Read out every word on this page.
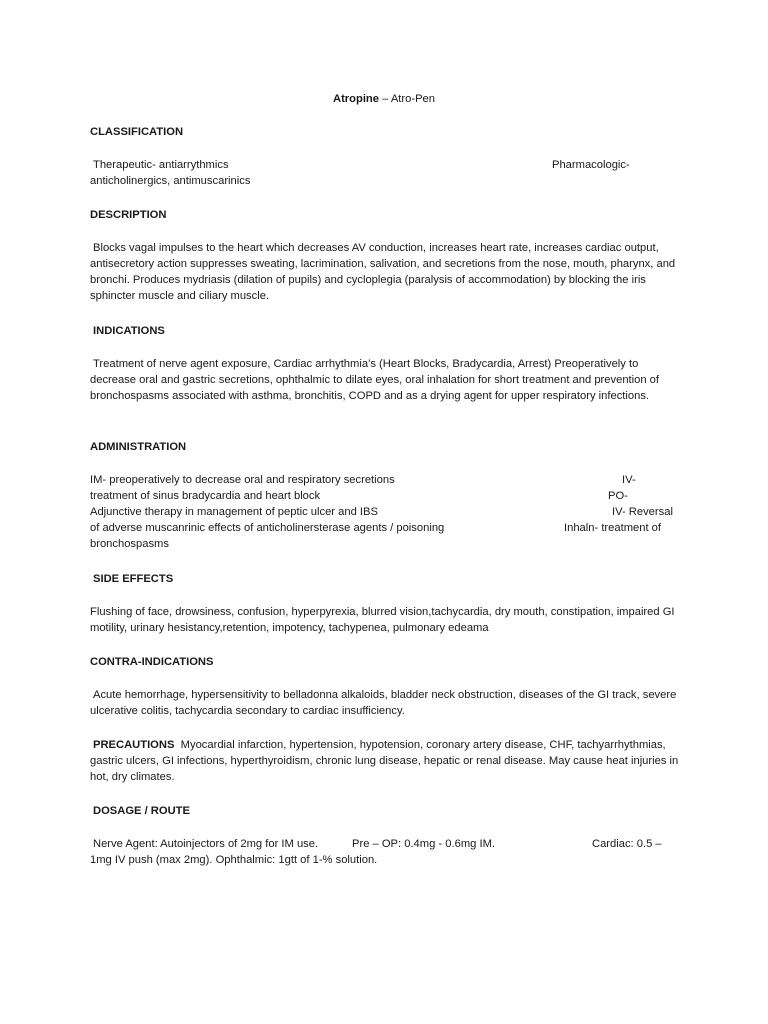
Atropine – Atro-Pen
CLASSIFICATION
Therapeutic- antiarrythmics	Pharmacologic-
anticholinergics, antimuscarinics
DESCRIPTION
Blocks vagal impulses to the heart which decreases AV conduction, increases heart rate, increases cardiac output, antisecretory action suppresses sweating, lacrimination, salivation, and secretions from the nose, mouth, pharynx, and bronchi. Produces mydriasis (dilation of pupils) and cycloplegia (paralysis of accommodation) by blocking the iris sphincter muscle and ciliary muscle.
INDICATIONS
Treatment of nerve agent exposure, Cardiac arrhythmia’s (Heart Blocks, Bradycardia, Arrest) Preoperatively to decrease oral and gastric secretions, ophthalmic to dilate eyes, oral inhalation for short treatment and prevention of bronchospasms associated with asthma, bronchitis, COPD and as a drying agent for upper respiratory infections.
ADMINISTRATION
IM- preoperatively to decrease oral and respiratory secretions	IV-
treatment of sinus bradycardia and heart block	PO-
Adjunctive therapy in management of peptic ulcer and IBS	IV- Reversal
of adverse muscanrinic effects of anticholinersterase agents / poisoning	Inhaln- treatment of
bronchospasms
SIDE EFFECTS
Flushing of face, drowsiness, confusion, hyperpyrexia, blurred vision,tachycardia, dry mouth, constipation, impaired GI motility, urinary hesistancy,retention, impotency, tachypenea, pulmonary edeama
CONTRA-INDICATIONS
Acute hemorrhage, hypersensitivity to belladonna alkaloids, bladder neck obstruction, diseases of the GI track, severe ulcerative colitis, tachycardia secondary to cardiac insufficiency.
PRECAUTIONS Myocardial infarction, hypertension, hypotension, coronary artery disease, CHF, tachyarrhythmias, gastric ulcers, GI infections, hyperthyroidism, chronic lung disease, hepatic or renal disease. May cause heat injuries in hot, dry climates.
DOSAGE / ROUTE
Nerve Agent: Autoinjectors of 2mg for IM use.	Pre – OP: 0.4mg - 0.6mg IM.	Cardiac: 0.5 –
1mg IV push (max 2mg). Ophthalmic: 1gtt of 1-% solution.
